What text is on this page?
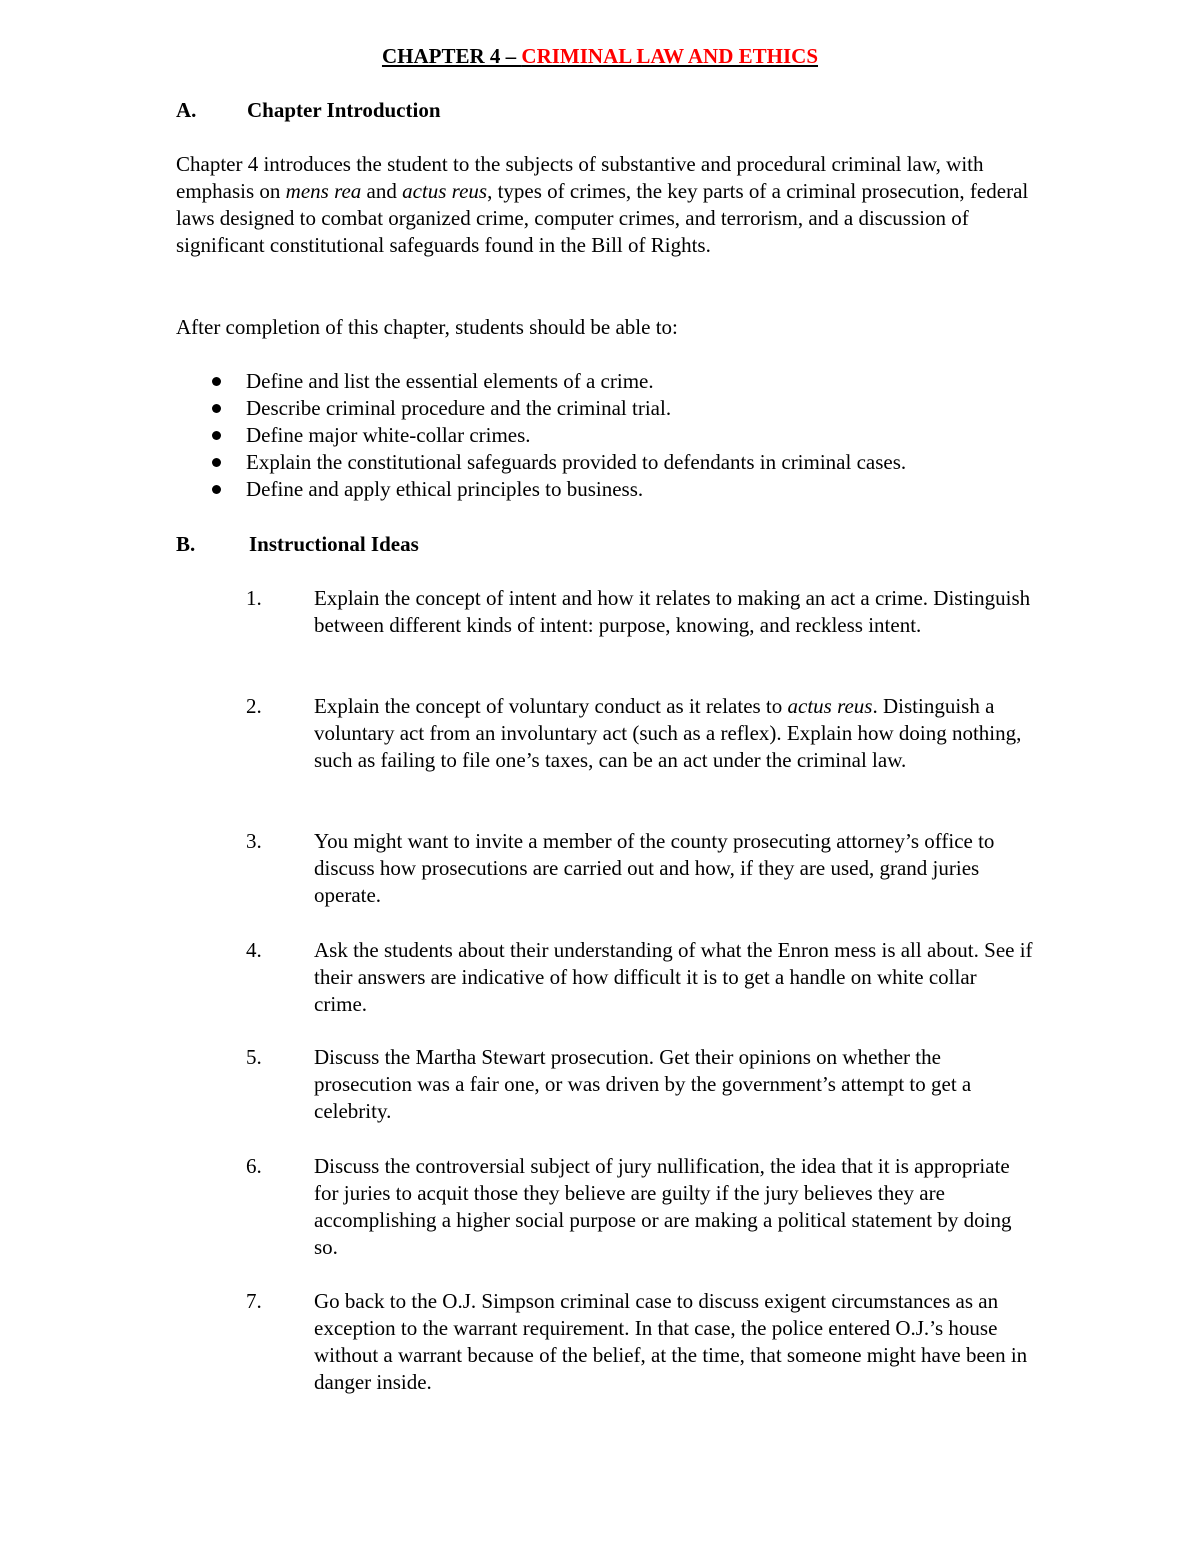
CHAPTER 4 – CRIMINAL LAW AND ETHICS
A. Chapter Introduction
Chapter 4 introduces the student to the subjects of substantive and procedural criminal law, with emphasis on mens rea and actus reus, types of crimes, the key parts of a criminal prosecution, federal laws designed to combat organized crime, computer crimes, and terrorism, and a discussion of significant constitutional safeguards found in the Bill of Rights.
After completion of this chapter, students should be able to:
Define and list the essential elements of a crime.
Describe criminal procedure and the criminal trial.
Define major white-collar crimes.
Explain the constitutional safeguards provided to defendants in criminal cases.
Define and apply ethical principles to business.
B.	Instructional Ideas
1. Explain the concept of intent and how it relates to making an act a crime. Distinguish between different kinds of intent: purpose, knowing, and reckless intent.
2. Explain the concept of voluntary conduct as it relates to actus reus. Distinguish a voluntary act from an involuntary act (such as a reflex). Explain how doing nothing, such as failing to file one’s taxes, can be an act under the criminal law.
3. You might want to invite a member of the county prosecuting attorney’s office to discuss how prosecutions are carried out and how, if they are used, grand juries operate.
4. Ask the students about their understanding of what the Enron mess is all about. See if their answers are indicative of how difficult it is to get a handle on white collar crime.
5. Discuss the Martha Stewart prosecution. Get their opinions on whether the prosecution was a fair one, or was driven by the government’s attempt to get a celebrity.
6. Discuss the controversial subject of jury nullification, the idea that it is appropriate for juries to acquit those they believe are guilty if the jury believes they are accomplishing a higher social purpose or are making a political statement by doing so.
7. Go back to the O.J. Simpson criminal case to discuss exigent circumstances as an exception to the warrant requirement. In that case, the police entered O.J.’s house without a warrant because of the belief, at the time, that someone might have been in danger inside.
